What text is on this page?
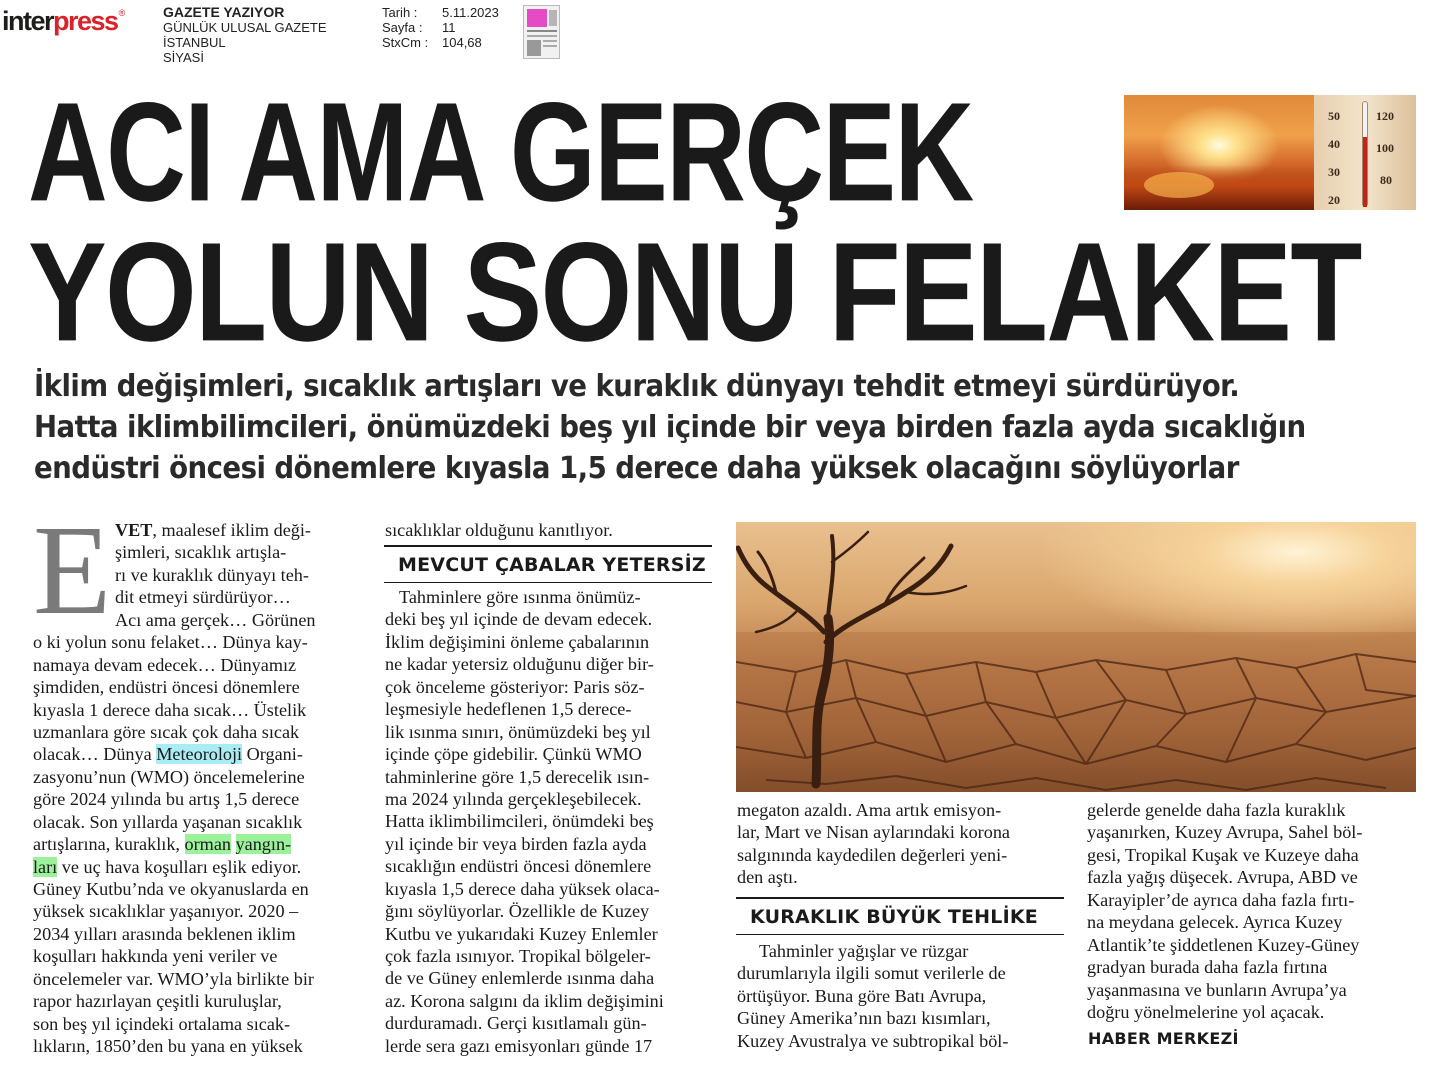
interpress ®	GAZETE YAZIYOR
GÜNLÜK ULUSAL GAZETE
İSTANBUL
SİYASİ
Tarih :	5.11.2023
Sayfa :	11
StxCm :	104,68
ACI AMA GERÇEK
YOLUN SONU FELAKET
50
40
30
20
120
100
80
İklim değişimleri, sıcaklık artışları ve kuraklık dünyayı tehdit etmeyi sürdürüyor.
Hatta iklimbilimcileri, önümüzdeki beş yıl içinde bir veya birden fazla ayda sıcaklığın
endüstri öncesi dönemlere kıyasla 1,5 derece daha yüksek olacağını söylüyorlar
E VET, maalesef iklim deği-
şimleri, sıcaklık artışla-
rı ve kuraklık dünyayı teh-
dit etmeyi sürdürüyor…
Acı ama gerçek… Görünen
o ki yolun sonu felaket… Dünya kay-
namaya devam edecek… Dünyamız
şimdiden, endüstri öncesi dönemlere
kıyasla 1 derece daha sıcak… Üstelik
uzmanlara göre sıcak çok daha sıcak
olacak… Dünya Meteoroloji Organi-
zasyonu’nun (WMO) öncelemelerine
göre 2024 yılında bu artış 1,5 derece
olacak. Son yıllarda yaşanan sıcaklık
artışlarına, kuraklık, orman yangın-
ları ve uç hava koşulları eşlik ediyor.
Güney Kutbu’nda ve okyanuslarda en
yüksek sıcaklıklar yaşanıyor. 2020 –
2034 yılları arasında beklenen iklim
koşulları hakkında yeni veriler ve
öncelemeler var. WMO’yla birlikte bir
rapor hazırlayan çeşitli kuruluşlar,
son beş yıl içindeki ortalama sıcak-
lıkların, 1850’den bu yana en yüksek
sıcaklıklar olduğunu kanıtlıyor.
MEVCUT ÇABALAR YETERSİZ
Tahminlere göre ısınma önümüz-
deki beş yıl içinde de devam edecek.
İklim değişimini önleme çabalarının
ne kadar yetersiz olduğunu diğer bir-
çok önceleme gösteriyor: Paris söz-
leşmesiyle hedeflenen 1,5 derece-
lik ısınma sınırı, önümüzdeki beş yıl
içinde çöpe gidebilir. Çünkü WMO
tahminlerine göre 1,5 derecelik ısın-
ma 2024 yılında gerçekleşebilecek.
Hatta iklimbilimcileri, önümdeki beş
yıl içinde bir veya birden fazla ayda
sıcaklığın endüstri öncesi dönemlere
kıyasla 1,5 derece daha yüksek olaca-
ğını söylüyorlar. Özellikle de Kuzey
Kutbu ve yukarıdaki Kuzey Enlemler
çok fazla ısınıyor. Tropikal bölgeler-
de ve Güney enlemlerde ısınma daha
az. Korona salgını da iklim değişimini
durduramadı. Gerçi kısıtlamalı gün-
lerde sera gazı emisyonları günde 17
megaton azaldı. Ama artık emisyon-
lar, Mart ve Nisan aylarındaki korona
salgınında kaydedilen değerleri yeni-
den aştı.
KURAKLIK BÜYÜK TEHLİKE
Tahminler yağışlar ve rüzgar
durumlarıyla ilgili somut verilerle de
örtüşüyor. Buna göre Batı Avrupa,
Güney Amerika’nın bazı kısımları,
Kuzey Avustralya ve subtropikal böl-
gelerde genelde daha fazla kuraklık
yaşanırken, Kuzey Avrupa, Sahel böl-
gesi, Tropikal Kuşak ve Kuzeye daha
fazla yağış düşecek. Avrupa, ABD ve
Karayipler’de ayrıca daha fazla fırtı-
na meydana gelecek. Ayrıca Kuzey
Atlantik’te şiddetlenen Kuzey-Güney
gradyan burada daha fazla fırtına
yaşanmasına ve bunların Avrupa’ya
doğru yönelmelerine yol açacak.
HABER MERKEZİ
